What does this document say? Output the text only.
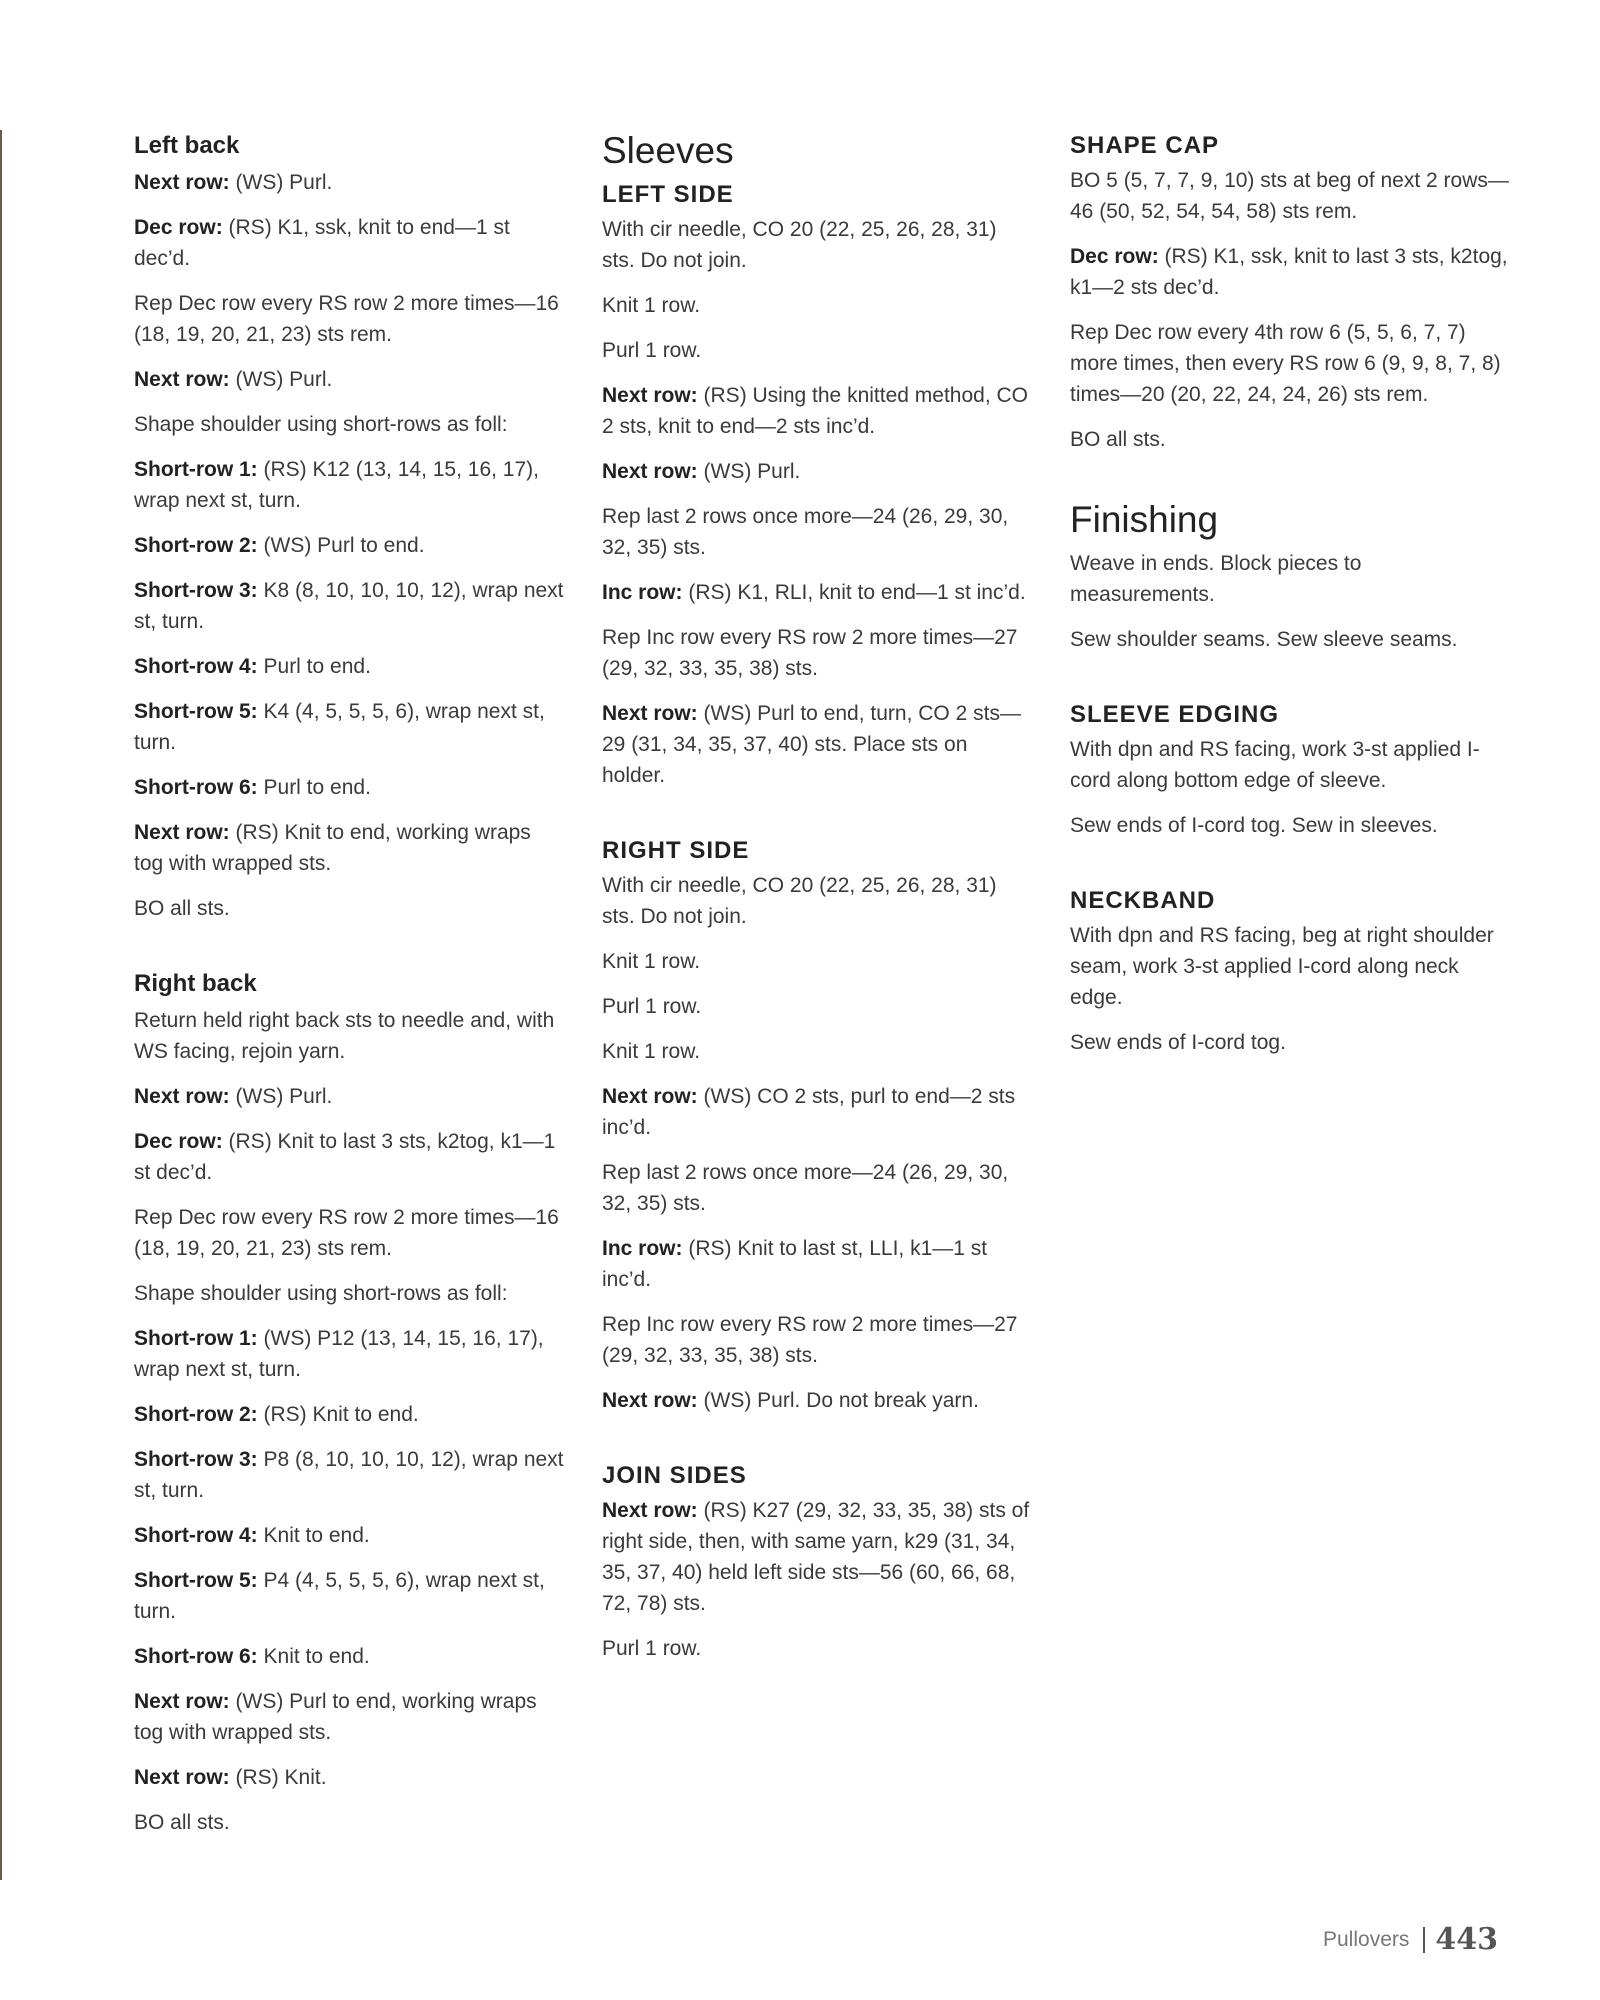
Left back

Next row: (WS) Purl.

Dec row: (RS) K1, ssk, knit to end—1 st dec’d.

Rep Dec row every RS row 2 more times—16 (18, 19, 20, 21, 23) sts rem.

Next row: (WS) Purl.

Shape shoulder using short-rows as foll:

Short-row 1: (RS) K12 (13, 14, 15, 16, 17), wrap next st, turn.

Short-row 2: (WS) Purl to end.

Short-row 3: K8 (8, 10, 10, 10, 12), wrap next st, turn.

Short-row 4: Purl to end.

Short-row 5: K4 (4, 5, 5, 5, 6), wrap next st, turn.

Short-row 6: Purl to end.

Next row: (RS) Knit to end, working wraps tog with wrapped sts.

BO all sts.

Right back

Return held right back sts to needle and, with WS facing, rejoin yarn.

Next row: (WS) Purl.

Dec row: (RS) Knit to last 3 sts, k2tog, k1—1 st dec’d.

Rep Dec row every RS row 2 more times—16 (18, 19, 20, 21, 23) sts rem.

Shape shoulder using short-rows as foll:

Short-row 1: (WS) P12 (13, 14, 15, 16, 17), wrap next st, turn.

Short-row 2: (RS) Knit to end.

Short-row 3: P8 (8, 10, 10, 10, 12), wrap next st, turn.

Short-row 4: Knit to end.

Short-row 5: P4 (4, 5, 5, 5, 6), wrap next st, turn.

Short-row 6: Knit to end.

Next row: (WS) Purl to end, working wraps tog with wrapped sts.

Next row: (RS) Knit.

BO all sts.

Sleeves
LEFT SIDE

With cir needle, CO 20 (22, 25, 26, 28, 31) sts. Do not join.

Knit 1 row.

Purl 1 row.

Next row: (RS) Using the knitted method, CO 2 sts, knit to end—2 sts inc’d.

Next row: (WS) Purl.

Rep last 2 rows once more—24 (26, 29, 30, 32, 35) sts.

Inc row: (RS) K1, RLI, knit to end—1 st inc’d.

Rep Inc row every RS row 2 more times—27 (29, 32, 33, 35, 38) sts.

Next row: (WS) Purl to end, turn, CO 2 sts—29 (31, 34, 35, 37, 40) sts. Place sts on holder.

RIGHT SIDE

With cir needle, CO 20 (22, 25, 26, 28, 31) sts. Do not join.

Knit 1 row.

Purl 1 row.

Knit 1 row.

Next row: (WS) CO 2 sts, purl to end—2 sts inc’d.

Rep last 2 rows once more—24 (26, 29, 30, 32, 35) sts.

Inc row: (RS) Knit to last st, LLI, k1—1 st inc’d.

Rep Inc row every RS row 2 more times—27 (29, 32, 33, 35, 38) sts.

Next row: (WS) Purl. Do not break yarn.

JOIN SIDES

Next row: (RS) K27 (29, 32, 33, 35, 38) sts of right side, then, with same yarn, k29 (31, 34, 35, 37, 40) held left side sts—56 (60, 66, 68, 72, 78) sts.

Purl 1 row.

SHAPE CAP

BO 5 (5, 7, 7, 9, 10) sts at beg of next 2 rows—46 (50, 52, 54, 54, 58) sts rem.

Dec row: (RS) K1, ssk, knit to last 3 sts, k2tog, k1—2 sts dec’d.

Rep Dec row every 4th row 6 (5, 5, 6, 7, 7) more times, then every RS row 6 (9, 9, 8, 7, 8) times—20 (20, 22, 24, 24, 26) sts rem.

BO all sts.

Finishing

Weave in ends. Block pieces to measurements.

Sew shoulder seams. Sew sleeve seams.

SLEEVE EDGING

With dpn and RS facing, work 3-st applied I-cord along bottom edge of sleeve.

Sew ends of I-cord tog. Sew in sleeves.

NECKBAND

With dpn and RS facing, beg at right shoulder seam, work 3-st applied I-cord along neck edge.

Sew ends of I-cord tog.

Pullovers 443
